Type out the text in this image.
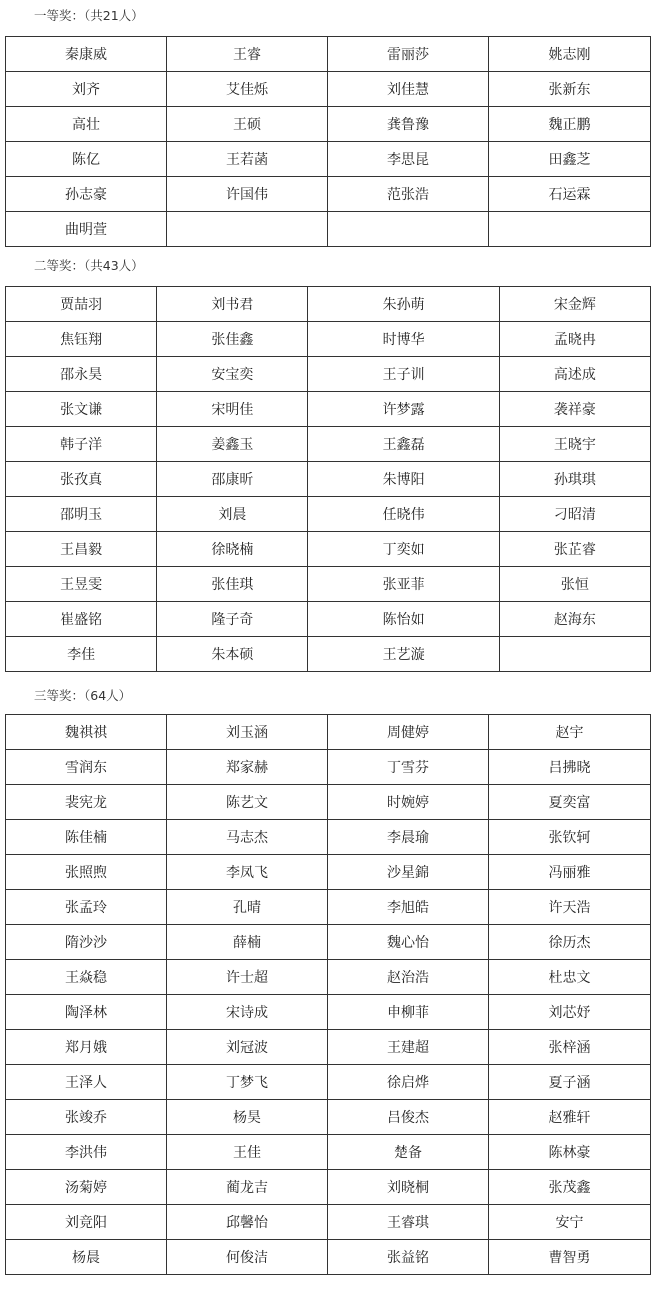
一等奖：（共21人）
秦康威	王睿	雷丽莎	姚志刚
刘齐	艾佳烁	刘佳慧	张新东
高壮	王硕	龚鲁豫	魏正鹏
陈亿	王若菡	李思昆	田鑫芝
孙志豪	许国伟	范张浩	石运霖
曲明萱			
二等奖：（共43人）
贾喆羽	刘书君	朱孙萌	宋金辉
焦钰翔	张佳鑫	时博华	孟晓冉
邵永昊	安宝奕	王子训	高述成
张文谦	宋明佳	许梦露	袭祥豪
韩子洋	姜鑫玉	王鑫磊	王晓宇
张孜真	邵康昕	朱博阳	孙琪琪
邵明玉	刘晨	任晓伟	刁昭清
王昌毅	徐晓楠	丁奕如	张芷睿
王昱雯	张佳琪	张亚菲	张恒
崔盛铭	隆子奇	陈怡如	赵海东
李佳	朱本硕	王艺漩	
三等奖：（64人）
魏祺祺	刘玉涵	周健婷	赵宇
雪润东	郑家赫	丁雪芬	吕拂晓
裴宪龙	陈艺文	时婉婷	夏奕富
陈佳楠	马志杰	李晨瑜	张钦轲
张照煦	李凤飞	沙星錦	冯丽雅
张孟玲	孔晴	李旭皓	许天浩
隋沙沙	薛楠	魏心怡	徐历杰
王焱稳	许士超	赵治浩	杜忠文
陶泽林	宋诗成	申柳菲	刘芯妤
郑月娥	刘冠波	王建超	张梓涵
王泽人	丁梦飞	徐启烨	夏子涵
张竣乔	杨昊	吕俊杰	赵雅轩
李洪伟	王佳	楚备	陈林豪
汤菊婷	蔺龙吉	刘晓桐	张茂鑫
刘竞阳	邱馨怡	王睿琪	安宁
杨晨	何俊洁	张益铭	曹智勇
